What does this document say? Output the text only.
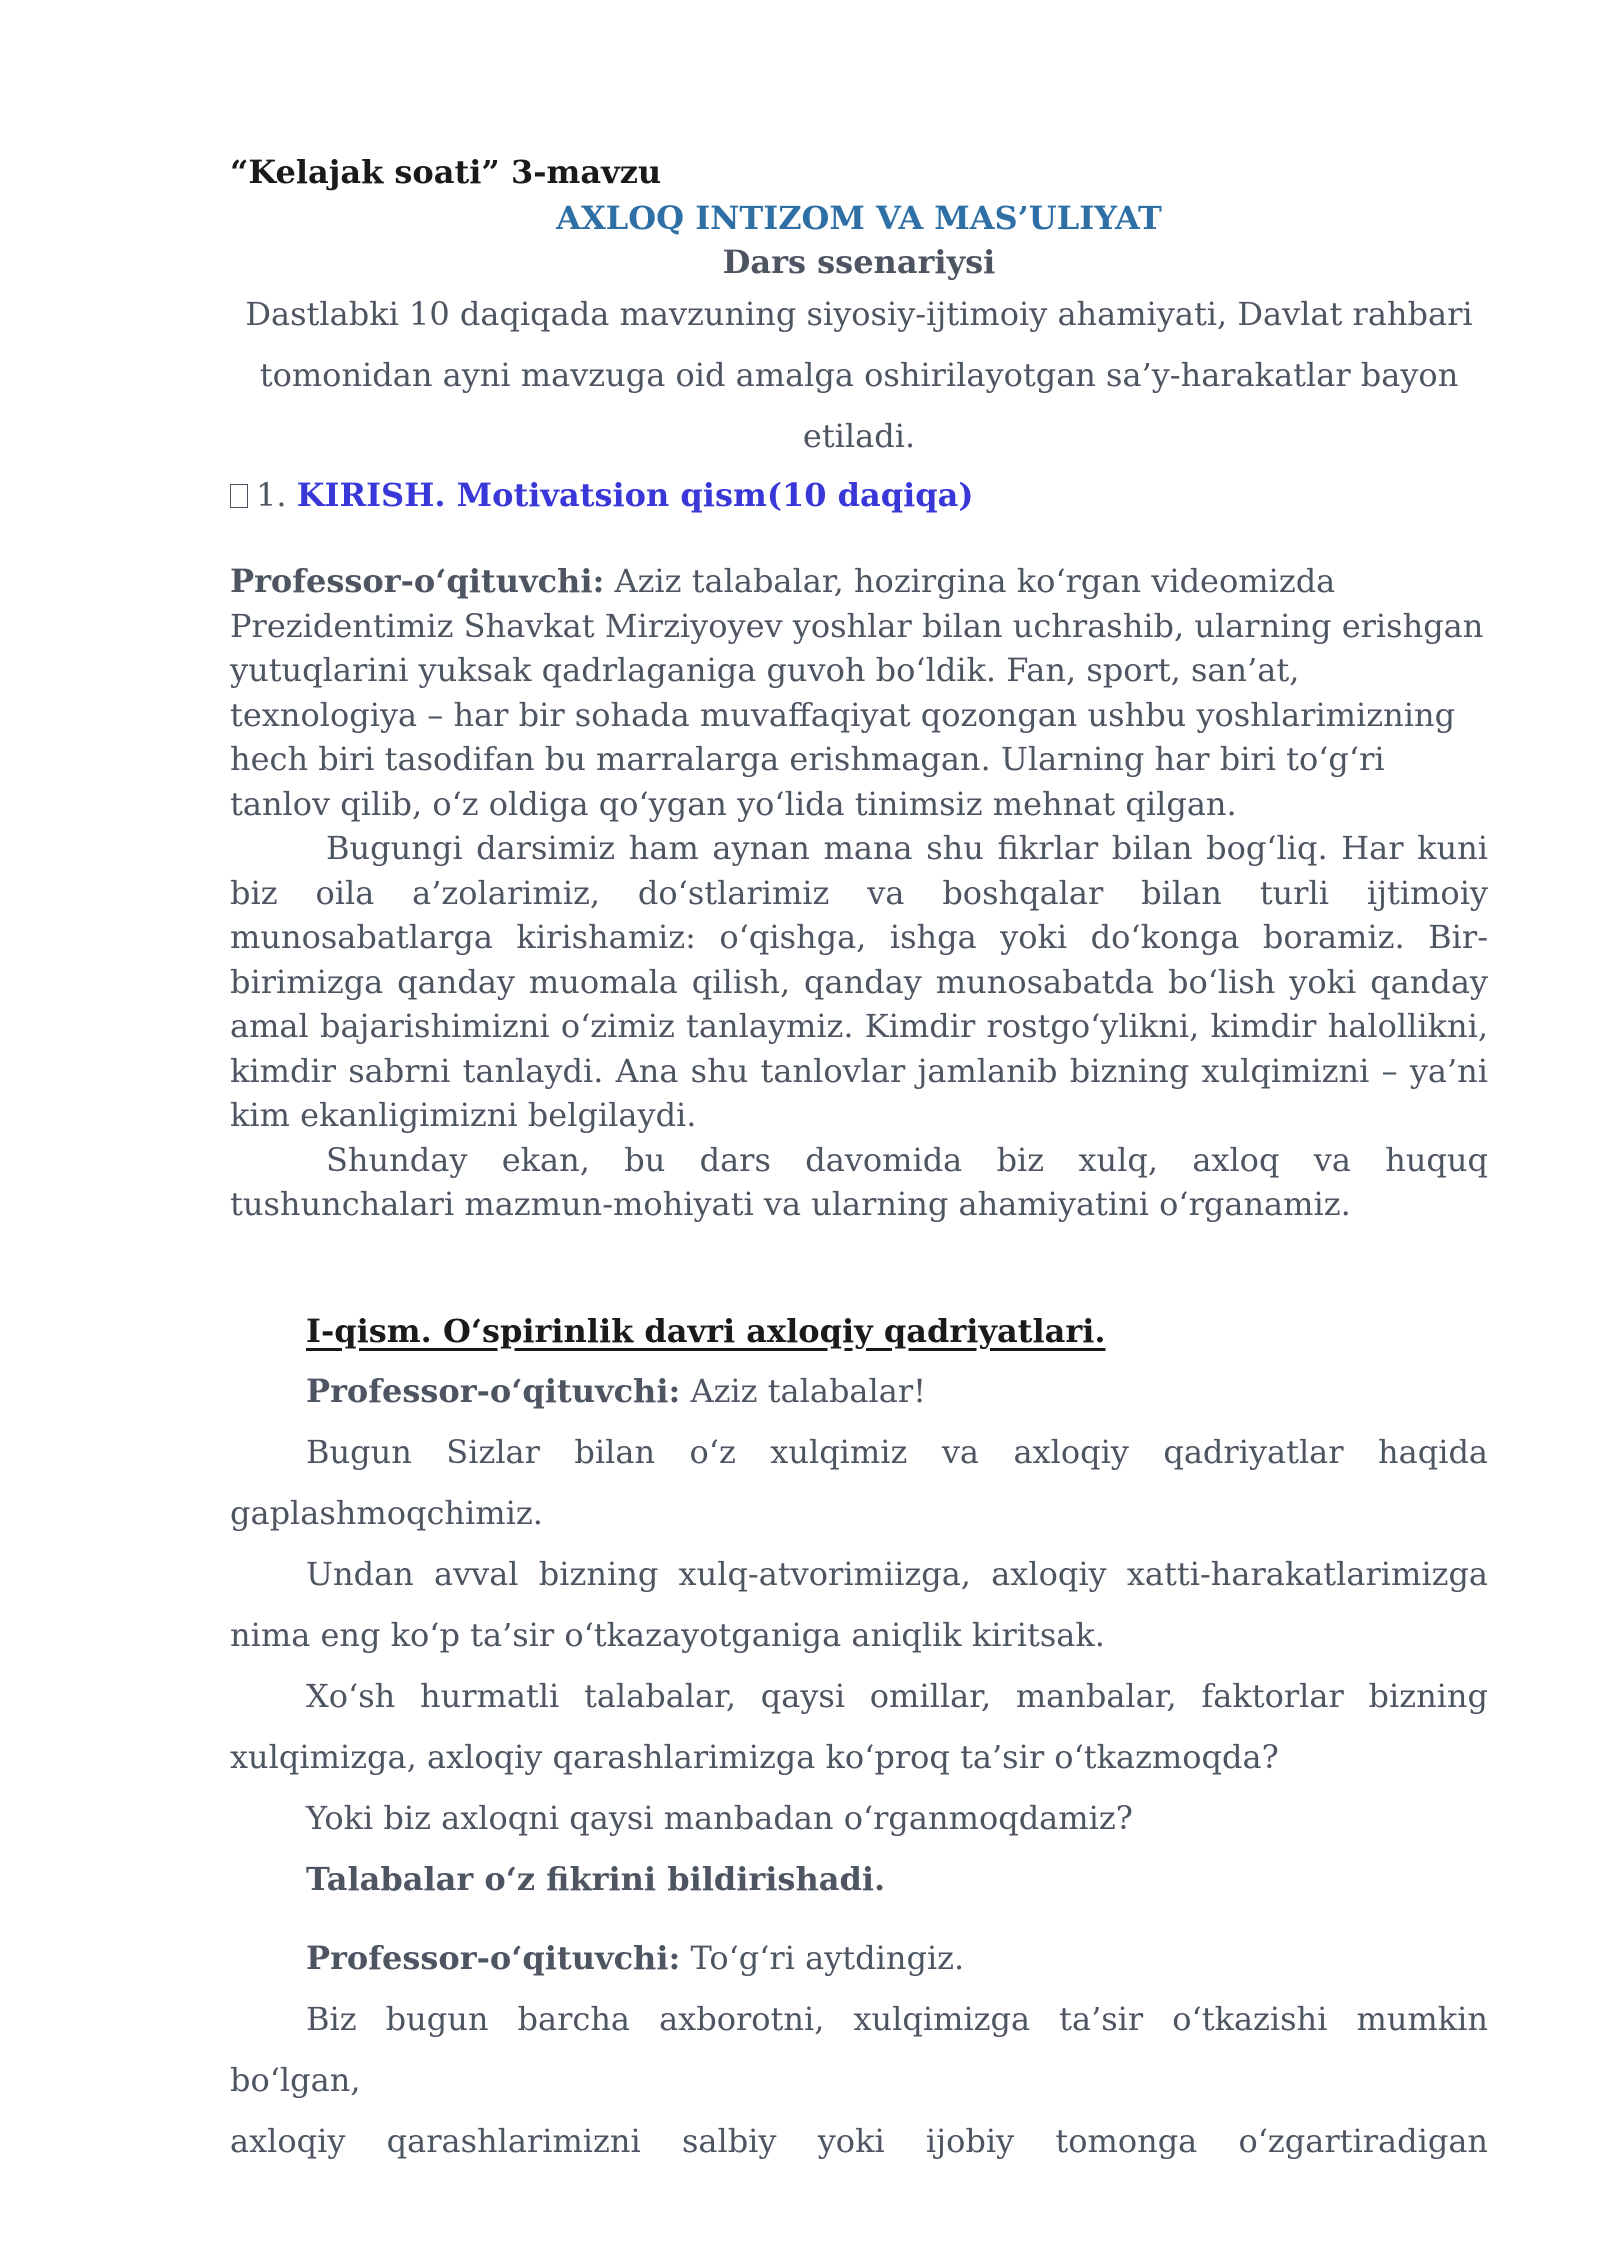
“Kelajak soati” 3-mavzu

AXLOQ INTIZOM VA MAS’ULIYAT

Dars ssenariysi

Dastlabki 10 daqiqada mavzuning siyosiy-ijtimoiy ahamiyati, Davlat rahbari tomonidan ayni mavzuga oid amalga oshirilayotgan sa’y-harakatlar bayon etiladi.

1. KIRISH. Motivatsion qism(10 daqiqa)

Professor-o‘qituvchi: Aziz talabalar, hozirgina ko‘rgan videomizda Prezidentimiz Shavkat Mirziyoyev yoshlar bilan uchrashib, ularning erishgan yutuqlarini yuksak qadrlaganiga guvoh bo‘ldik. Fan, sport, san’at, texnologiya – har bir sohada muvaffaqiyat qozongan ushbu yoshlarimizning hech biri tasodifan bu marralarga erishmagan. Ularning har biri to‘g‘ri tanlov qilib, o‘z oldiga qo‘ygan yo‘lida tinimsiz mehnat qilgan.

Bugungi darsimiz ham aynan mana shu fikrlar bilan bog‘liq. Har kuni biz oila a’zolarimiz, do‘stlarimiz va boshqalar bilan turli ijtimoiy munosabatlarga kirishamiz: o‘qishga, ishga yoki do‘konga boramiz. Bir-birimizga qanday muomala qilish, qanday munosabatda bo‘lish yoki qanday amal bajarishimizni o‘zimiz tanlaymiz. Kimdir rostgo‘ylikni, kimdir halollikni, kimdir sabrni tanlaydi. Ana shu tanlovlar jamlanib bizning xulqimizni – ya’ni kim ekanligimizni belgilaydi.

Shunday ekan, bu dars davomida biz xulq, axloq va huquq tushunchalari mazmun-mohiyati va ularning ahamiyatini o‘rganamiz.

I-qism. O‘spirinlik davri axloqiy qadriyatlari.

Professor-o‘qituvchi: Aziz talabalar!

Bugun Sizlar bilan o‘z xulqimiz va axloqiy qadriyatlar haqida gaplashmoqchimiz.

Undan avval bizning xulq-atvorimiizga, axloqiy xatti-harakatlarimizga nima eng ko‘p ta’sir o‘tkazayotganiga aniqlik kiritsak.

Xo‘sh hurmatli talabalar, qaysi omillar, manbalar, faktorlar bizning xulqimizga, axloqiy qarashlarimizga ko‘proq ta’sir o‘tkazmoqda?

Yoki biz axloqni qaysi manbadan o‘rganmoqdamiz?

Talabalar o‘z fikrini bildirishadi.

Professor-o‘qituvchi: To‘g‘ri aytdingiz.

Biz bugun barcha axborotni, xulqimizga ta’sir o‘tkazishi mumkin bo‘lgan,

axloqiy qarashlarimizni salbiy yoki ijobiy tomonga o‘zgartiradigan
